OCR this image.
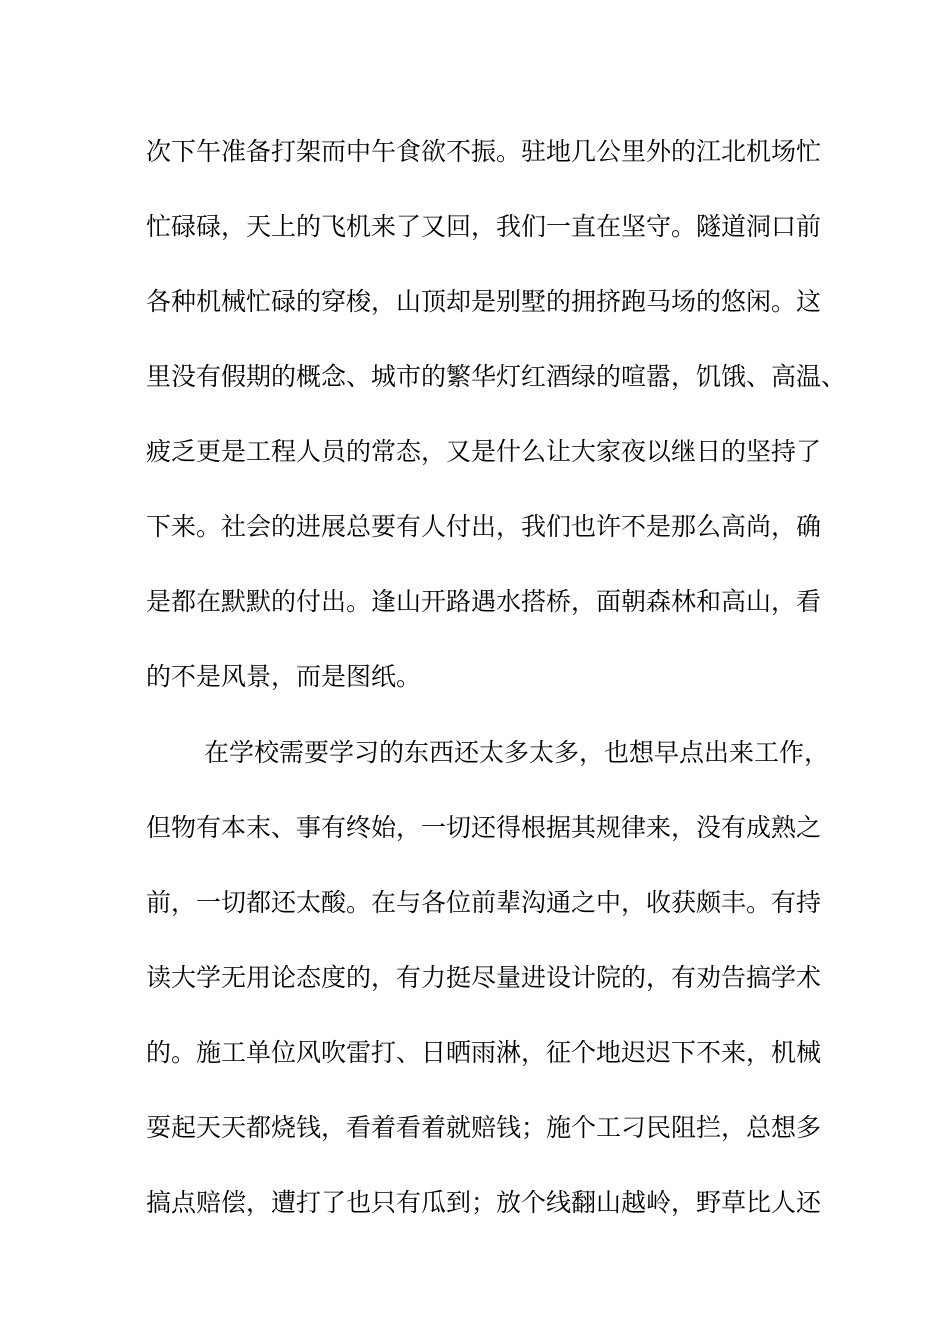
次下午准备打架而中午食欲不振。驻地几公里外的江北机场忙
忙碌碌，天上的飞机来了又回，我们一直在坚守。隧道洞口前
各种机械忙碌的穿梭，山顶却是别墅的拥挤跑马场的悠闲。这
里没有假期的概念、城市的繁华灯红酒绿的喧嚣，饥饿、高温、
疲乏更是工程人员的常态，又是什么让大家夜以继日的坚持了
下来。社会的进展总要有人付出，我们也许不是那么高尚，确
是都在默默的付出。逢山开路遇水搭桥，面朝森林和高山，看
的不是风景，而是图纸。
在学校需要学习的东西还太多太多，也想早点出来工作，
但物有本末、事有终始，一切还得根据其规律来，没有成熟之
前，一切都还太酸。在与各位前辈沟通之中，收获颇丰。有持
读大学无用论态度的，有力挺尽量进设计院的，有劝告搞学术
的。施工单位风吹雷打、日晒雨淋，征个地迟迟下不来，机械
耍起天天都烧钱，看着看着就赔钱；施个工刁民阻拦，总想多
搞点赔偿，遭打了也只有瓜到；放个线翻山越岭，野草比人还
